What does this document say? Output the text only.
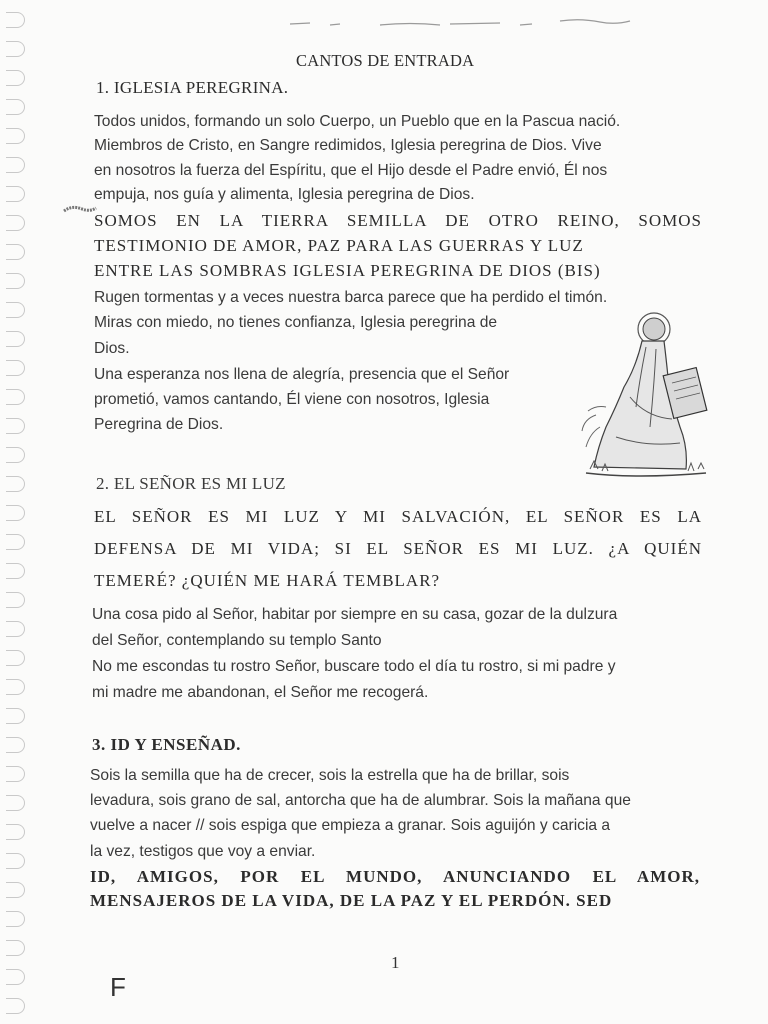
CANTOS DE ENTRADA
1. IGLESIA PEREGRINA.
Todos unidos, formando un solo Cuerpo, un Pueblo que en la Pascua nació.
Miembros de Cristo, en Sangre redimidos, Iglesia peregrina de Dios. Vive
en nosotros la fuerza del Espíritu, que el Hijo desde el Padre envió, Él nos
empuja, nos guía y alimenta, Iglesia peregrina de Dios.
SOMOS EN LA TIERRA SEMILLA DE OTRO REINO, SOMOS
TESTIMONIO DE AMOR, PAZ PARA LAS GUERRAS Y LUZ
ENTRE LAS SOMBRAS IGLESIA PEREGRINA DE DIOS (BIS)
Rugen tormentas y a veces nuestra barca parece que ha perdido el timón.
Miras con miedo, no tienes confianza, Iglesia peregrina de
Dios.
Una esperanza nos llena de alegría, presencia que el Señor
prometió, vamos cantando, Él viene con nosotros, Iglesia
Peregrina de Dios.
2. EL SEÑOR ES MI LUZ
EL SEÑOR ES MI LUZ Y MI SALVACIÓN, EL SEÑOR ES LA
DEFENSA DE MI VIDA; SI EL SEÑOR ES MI LUZ. ¿A QUIÉN
TEMERÉ? ¿QUIÉN ME HARÁ TEMBLAR?
Una cosa pido al Señor, habitar por siempre en su casa, gozar de la dulzura
del Señor, contemplando su templo Santo
No me escondas tu rostro Señor, buscare todo el día tu rostro, si mi padre y
mi madre me abandonan, el Señor me recogerá.
3. ID Y ENSEÑAD.
Sois la semilla que ha de crecer, sois la estrella que ha de brillar, sois
levadura, sois grano de sal, antorcha que ha de alumbrar. Sois la mañana que
vuelve a nacer // sois espiga que empieza a granar. Sois aguijón y caricia a
la vez, testigos que voy a enviar.
ID, AMIGOS, POR EL MUNDO, ANUNCIANDO EL AMOR,
MENSAJEROS DE LA VIDA, DE LA PAZ Y EL PERDÓN. SED
1
F
